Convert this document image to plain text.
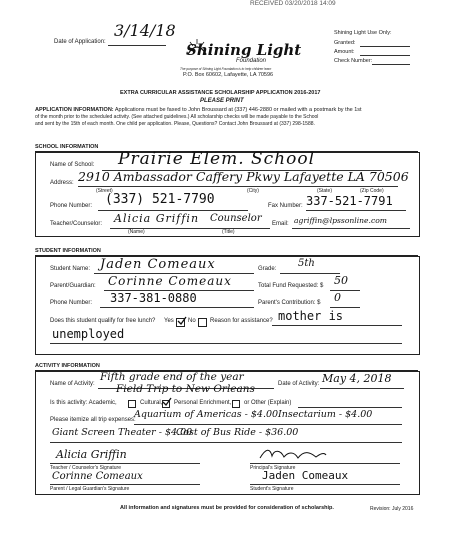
RECEIVED 03/20/2018 14:09
Date of Application:
3/14/18
Shining Light
Foundation
The purpose of Shining Light Foundation is to help children learn
P.O. Box 60602, Lafayette, LA 70596
Shining Light Use Only:
Granted:
Amount:
Check Number:
EXTRA CURRICULAR ASSISTANCE SCHOLARSHIP APPLICATION 2016-2017
PLEASE PRINT
APPLICATION INFORMATION: Applications must be faxed to John Broussard at (337) 446-2880 or mailed with a postmark by the 1st
of the month prior to the scheduled activity. (See attached guidelines.) All scholarship checks will be made payable to the School
and sent by the 15th of each month. One child per application. Please, Questions? Contact John Broussard at (337) 298-1588.
SCHOOL INFORMATION
Name of School: Prairie Elem. School
Address: 2910 Ambassador Caffery Pkwy Lafayette LA 70506
(Street)	(City)	(State)	(Zip Code)
Phone Number: (337) 521-7790	Fax Number: 337-521-7791
Teacher/Counselor: Alicia Griffin Counselor
(Name)	(Title)
Email: agriffin@lpssonline.com
STUDENT INFORMATION
Student Name: Jaden Comeaux	Grade: 5th
Parent/Guardian: Corinne Comeaux	Total Fund Requested: $ 50
Phone Number: 337-381-0880	Parent's Contribution: $ 0
Does this student qualify for free lunch? Yes No Reason for assistance? mother is
unemployed
ACTIVITY INFORMATION
Name of Activity:
Fifth grade end of the year
Field Trip to New Orleans	Date of Activity: May 4, 2018
Is this activity: Academic,	Cultural, Personal Enrichment, or Other (Explain)
Please itemize all trip expenses:
Aquarium of Americas - $4.00 Insectarium - $4.00
Giant Screen Theater - $4.00
Cost of Bus Ride - $36.00
Alicia Griffin
Teacher / Counselor's Signature	Principal's Signature
Corinne Comeaux
Parent / Legal Guardian's Signature
Jaden Comeaux
Student's Signature
All information and signatures must be provided for consideration of scholarship.	Revision: July 2016
